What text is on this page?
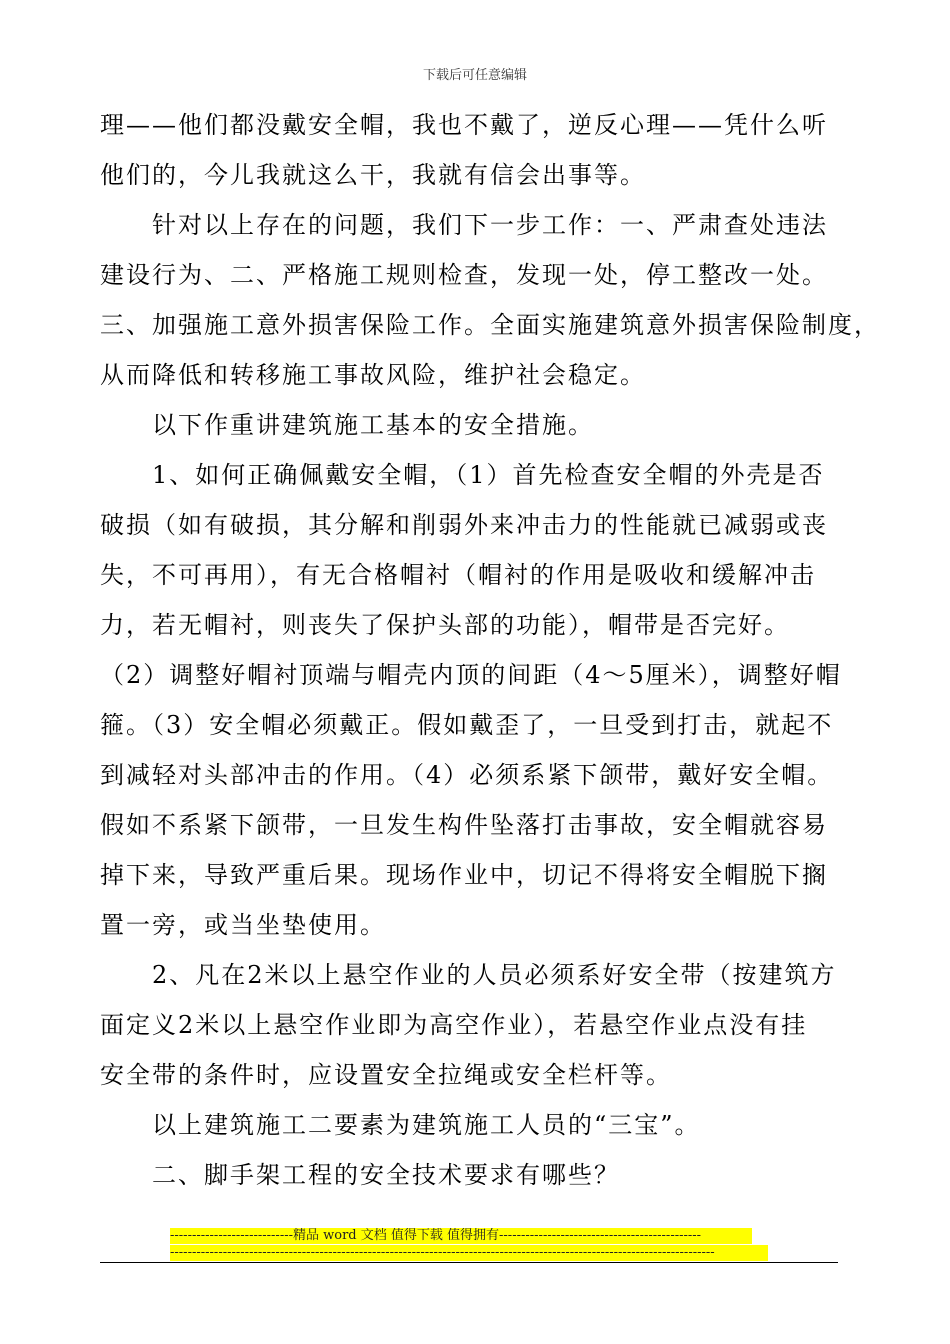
下载后可任意编辑
理——他们都没戴安全帽，我也不戴了，逆反心理——凭什么听
他们的，今儿我就这么干，我就有信会出事等。
　　针对以上存在的问题，我们下一步工作：一、严肃查处违法
建设行为、二、严格施工规则检查，发现一处，停工整改一处。
三、加强施工意外损害保险工作。全面实施建筑意外损害保险制度，
从而降低和转移施工事故风险，维护社会稳定。
　　以下作重讲建筑施工基本的安全措施。
　　1、如何正确佩戴安全帽，（1）首先检查安全帽的外壳是否
破损（如有破损，其分解和削弱外来冲击力的性能就已减弱或丧
失，不可再用），有无合格帽衬（帽衬的作用是吸收和缓解冲击
力，若无帽衬，则丧失了保护头部的功能），帽带是否完好。
（2）调整好帽衬顶端与帽壳内顶的间距（4～5厘米），调整好帽
箍。（3）安全帽必须戴正。假如戴歪了，一旦受到打击，就起不
到减轻对头部冲击的作用。（4）必须系紧下颌带，戴好安全帽。
假如不系紧下颌带，一旦发生构件坠落打击事故，安全帽就容易
掉下来，导致严重后果。现场作业中，切记不得将安全帽脱下搁
置一旁，或当坐垫使用。
　　2、凡在2米以上悬空作业的人员必须系好安全带（按建筑方
面定义2米以上悬空作业即为高空作业），若悬空作业点没有挂
安全带的条件时，应设置安全拉绳或安全栏杆等。
　　以上建筑施工二要素为建筑施工人员的“三宝”。
　　二、脚手架工程的安全技术要求有哪些？
----------------------------精品 word 文档 值得下载 值得拥有----------------------------------------------
----------------------------------------------------------------------------------------------------------------------------
